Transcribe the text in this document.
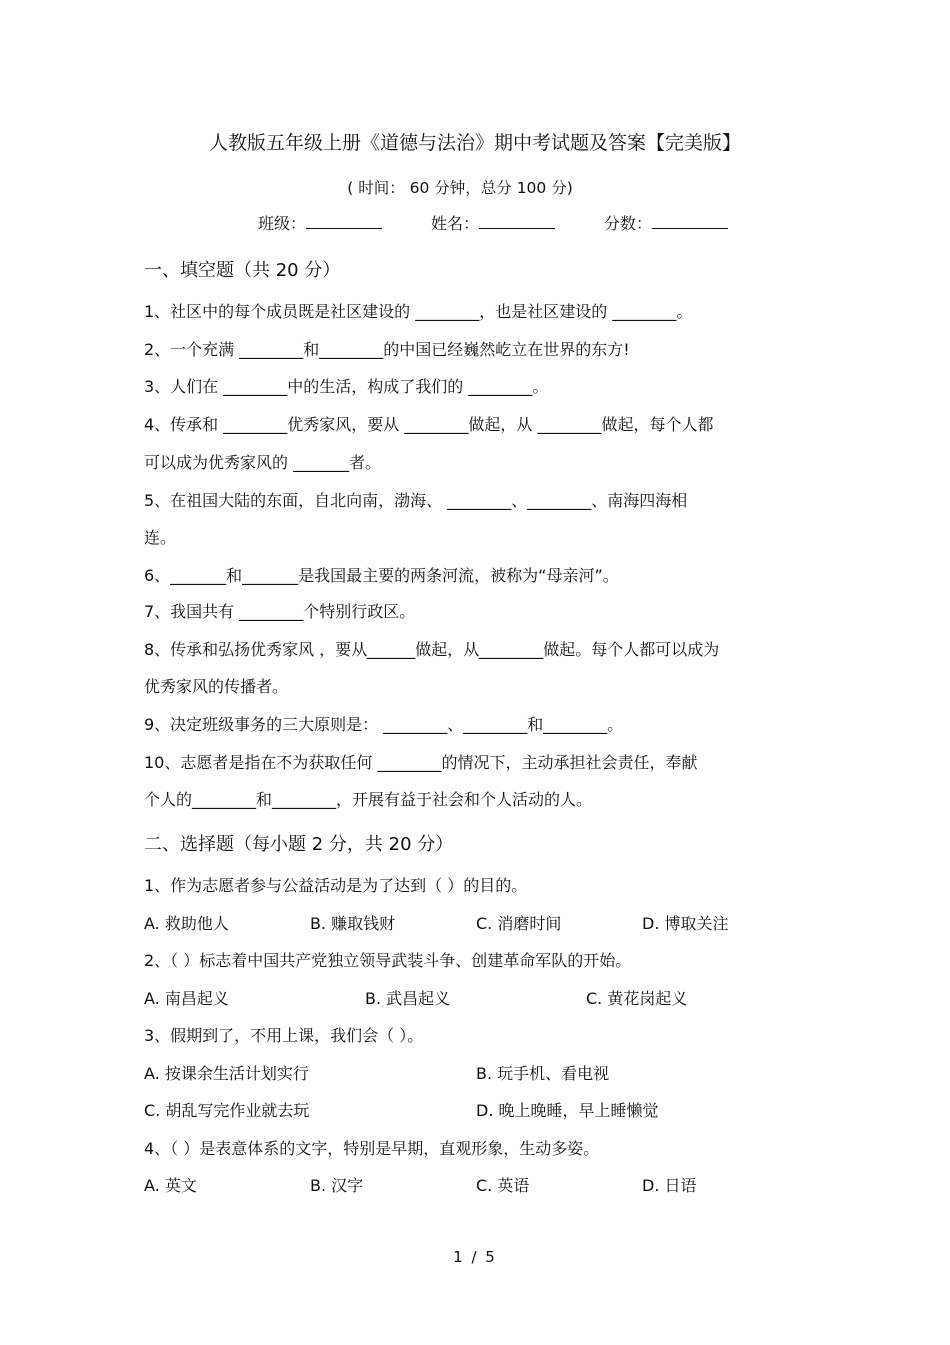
人教版五年级上册《道德与法治》期中考试题及答案【完美版】
( 时间： 60 分钟，总分 100 分)
班级：	姓名：	分数：
一、填空题（共 20 分）
1、社区中的每个成员既是社区建设的 ________，也是社区建设的 ________。
2、一个充满 ________和________的中国已经巍然屹立在世界的东方!
3、人们在 ________中的生活，构成了我们的 ________。
4、传承和 ________优秀家风，要从 ________做起，从 ________做起，每个人都
可以成为优秀家风的 _______者。
5、在祖国大陆的东面，自北向南，渤海、 ________、________、南海四海相
连。
6、_______和_______是我国最主要的两条河流，被称为“母亲河”。
7、我国共有 ________个特别行政区。
8、传承和弘扬优秀家风 ，要从______做起，从________做起。每个人都可以成为
优秀家风的传播者。
9、决定班级事务的三大原则是： ________、________和________。
10、志愿者是指在不为获取任何 ________的情况下，主动承担社会责任，奉献
个人的________和________，开展有益于社会和个人活动的人。
二、选择题（每小题 2 分，共 20 分）
1、作为志愿者参与公益活动是为了达到（ ）的目的。
A. 救助他人	B. 赚取钱财	C. 消磨时间	D. 博取关注
2、（ ）标志着中国共产党独立领导武装斗争、创建革命军队的开始。
A. 南昌起义	B. 武昌起义	C. 黄花岗起义
3、假期到了，不用上课，我们会（ ）。
A. 按课余生活计划实行	B. 玩手机、看电视
C. 胡乱写完作业就去玩	D. 晚上晚睡，早上睡懒觉
4、（ ）是表意体系的文字，特别是早期，直观形象，生动多姿。
A. 英文	B. 汉字	C. 英语	D. 日语
1 / 5
